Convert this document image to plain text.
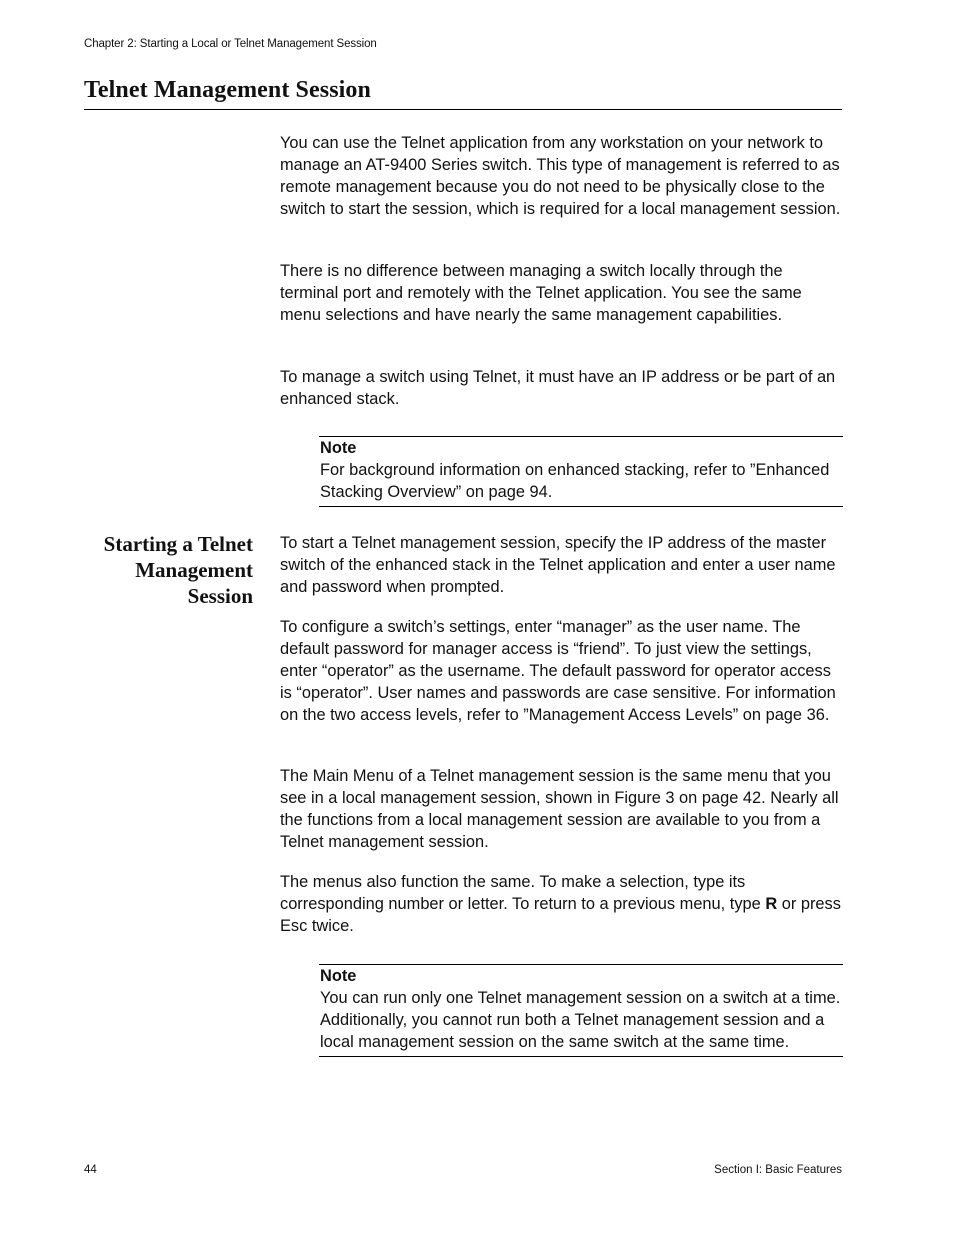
Chapter 2: Starting a Local or Telnet Management Session
Telnet Management Session

You can use the Telnet application from any workstation on your network to manage an AT-9400 Series switch. This type of management is referred to as remote management because you do not need to be physically close to the switch to start the session, which is required for a local management session.

There is no difference between managing a switch locally through the terminal port and remotely with the Telnet application. You see the same menu selections and have nearly the same management capabilities.

To manage a switch using Telnet, it must have an IP address or be part of an enhanced stack.

Note
For background information on enhanced stacking, refer to ”Enhanced Stacking Overview” on page 94.
Starting a Telnet
Management
Session

To start a Telnet management session, specify the IP address of the master switch of the enhanced stack in the Telnet application and enter a user name and password when prompted.

To configure a switch’s settings, enter “manager” as the user name. The default password for manager access is “friend”. To just view the settings, enter “operator” as the username. The default password for operator access is “operator”. User names and passwords are case sensitive. For information on the two access levels, refer to ”Management Access Levels” on page 36.

The Main Menu of a Telnet management session is the same menu that you see in a local management session, shown in Figure 3 on page 42. Nearly all the functions from a local management session are available to you from a Telnet management session.

The menus also function the same. To make a selection, type its corresponding number or letter. To return to a previous menu, type R or press Esc twice.

Note
You can run only one Telnet management session on a switch at a time. Additionally, you cannot run both a Telnet management session and a local management session on the same switch at the same time.
44	Section I: Basic Features
